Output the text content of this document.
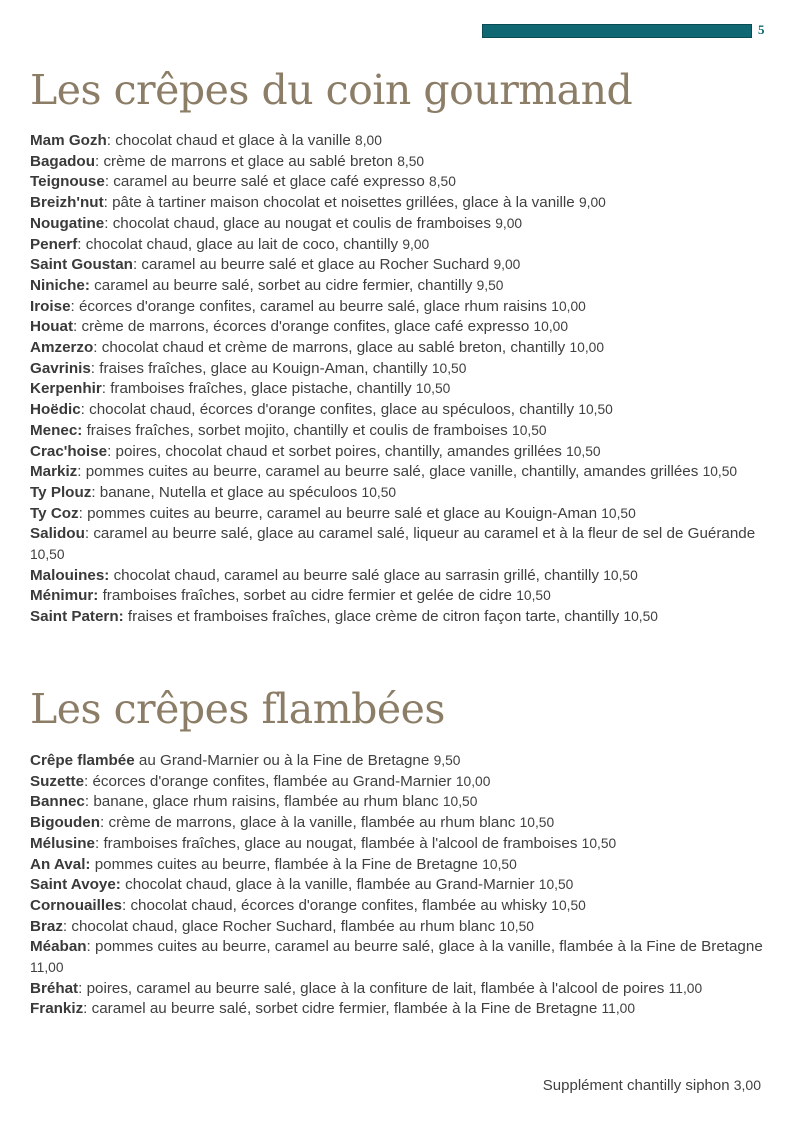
5
Les crêpes du coin gourmand
Mam Gozh: chocolat chaud et glace à la vanille 8,00
Bagadou: crème de marrons et glace au sablé breton 8,50
Teignouse: caramel au beurre salé et glace café expresso 8,50
Breizh'nut: pâte à tartiner maison chocolat et noisettes grillées, glace à la vanille 9,00
Nougatine: chocolat chaud, glace au nougat et coulis de framboises 9,00
Penerf: chocolat chaud, glace au lait de coco, chantilly 9,00
Saint Goustan: caramel au beurre salé et glace au Rocher Suchard 9,00
Niniche: caramel au beurre salé, sorbet au cidre fermier, chantilly 9,50
Iroise: écorces d'orange confites, caramel au beurre salé, glace rhum raisins 10,00
Houat: crème de marrons, écorces d'orange confites, glace café expresso 10,00
Amzerzo: chocolat chaud et crème de marrons, glace au sablé breton, chantilly 10,00
Gavrinis: fraises fraîches, glace au Kouign-Aman, chantilly 10,50
Kerpenhir: framboises fraîches, glace pistache, chantilly 10,50
Hoëdic: chocolat chaud, écorces d'orange confites, glace au spéculoos, chantilly 10,50
Menec: fraises fraîches, sorbet mojito, chantilly et coulis de framboises 10,50
Crac'hoise: poires, chocolat chaud et sorbet poires, chantilly, amandes grillées 10,50
Markiz: pommes cuites au beurre, caramel au beurre salé, glace vanille, chantilly, amandes grillées 10,50
Ty Plouz: banane, Nutella et glace au spéculoos 10,50
Ty Coz: pommes cuites au beurre, caramel au beurre salé et glace au Kouign-Aman 10,50
Salidou: caramel au beurre salé, glace au caramel salé, liqueur au caramel et à la fleur de sel de Guérande 10,50
Malouines: chocolat chaud, caramel au beurre salé glace au sarrasin grillé, chantilly 10,50
Ménimur: framboises fraîches, sorbet au cidre fermier et gelée de cidre 10,50
Saint Patern: fraises et framboises fraîches, glace crème de citron façon tarte, chantilly 10,50
Les crêpes flambées
Crêpe flambée au Grand-Marnier ou à la Fine de Bretagne 9,50
Suzette: écorces d'orange confites, flambée au Grand-Marnier 10,00
Bannec: banane, glace rhum raisins, flambée au rhum blanc 10,50
Bigouden: crème de marrons, glace à la vanille, flambée au rhum blanc 10,50
Mélusine: framboises fraîches, glace au nougat, flambée à l'alcool de framboises 10,50
An Aval: pommes cuites au beurre, flambée à la Fine de Bretagne 10,50
Saint Avoye: chocolat chaud, glace à la vanille, flambée au Grand-Marnier 10,50
Cornouailles: chocolat chaud, écorces d'orange confites, flambée au whisky 10,50
Braz: chocolat chaud, glace Rocher Suchard, flambée au rhum blanc 10,50
Méaban: pommes cuites au beurre, caramel au beurre salé, glace à la vanille, flambée à la Fine de Bretagne 11,00
Bréhat: poires, caramel au beurre salé, glace à la confiture de lait, flambée à l'alcool de poires 11,00
Frankiz: caramel au beurre salé, sorbet cidre fermier, flambée à la Fine de Bretagne 11,00
Supplément chantilly siphon 3,00
